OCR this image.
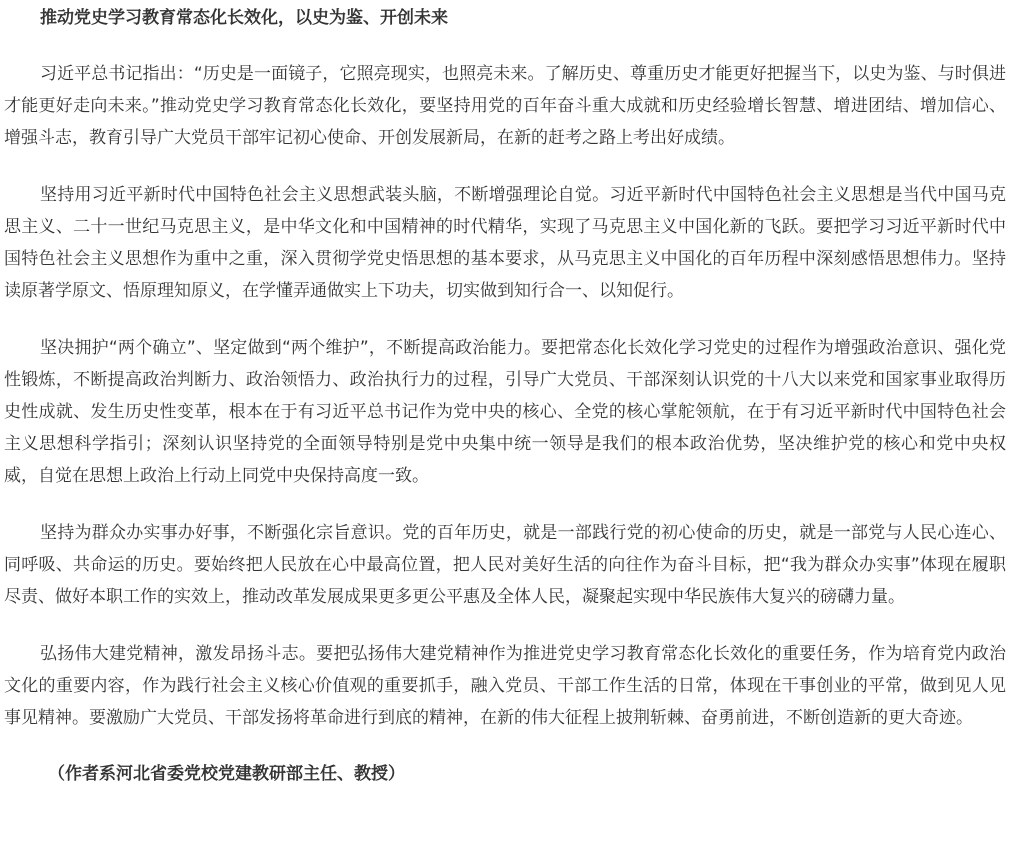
推动党史学习教育常态化长效化，以史为鉴、开创未来

习近平总书记指出：“历史是一面镜子，它照亮现实，也照亮未来。了解历史、尊重历史才能更好把握当下，以史为鉴、与时俱进才能更好走向未来。”推动党史学习教育常态化长效化，要坚持用党的百年奋斗重大成就和历史经验增长智慧、增进团结、增加信心、增强斗志，教育引导广大党员干部牢记初心使命、开创发展新局，在新的赶考之路上考出好成绩。

坚持用习近平新时代中国特色社会主义思想武装头脑，不断增强理论自觉。习近平新时代中国特色社会主义思想是当代中国马克思主义、二十一世纪马克思主义，是中华文化和中国精神的时代精华，实现了马克思主义中国化新的飞跃。要把学习习近平新时代中国特色社会主义思想作为重中之重，深入贯彻学党史悟思想的基本要求，从马克思主义中国化的百年历程中深刻感悟思想伟力。坚持读原著学原文、悟原理知原义，在学懂弄通做实上下功夫，切实做到知行合一、以知促行。

坚决拥护“两个确立”、坚定做到“两个维护”，不断提高政治能力。要把常态化长效化学习党史的过程作为增强政治意识、强化党性锻炼，不断提高政治判断力、政治领悟力、政治执行力的过程，引导广大党员、干部深刻认识党的十八大以来党和国家事业取得历史性成就、发生历史性变革，根本在于有习近平总书记作为党中央的核心、全党的核心掌舵领航，在于有习近平新时代中国特色社会主义思想科学指引；深刻认识坚持党的全面领导特别是党中央集中统一领导是我们的根本政治优势，坚决维护党的核心和党中央权威，自觉在思想上政治上行动上同党中央保持高度一致。

坚持为群众办实事办好事，不断强化宗旨意识。党的百年历史，就是一部践行党的初心使命的历史，就是一部党与人民心连心、同呼吸、共命运的历史。要始终把人民放在心中最高位置，把人民对美好生活的向往作为奋斗目标，把“我为群众办实事”体现在履职尽责、做好本职工作的实效上，推动改革发展成果更多更公平惠及全体人民，凝聚起实现中华民族伟大复兴的磅礴力量。

弘扬伟大建党精神，激发昂扬斗志。要把弘扬伟大建党精神作为推进党史学习教育常态化长效化的重要任务，作为培育党内政治文化的重要内容，作为践行社会主义核心价值观的重要抓手，融入党员、干部工作生活的日常，体现在干事创业的平常，做到见人见事见精神。要激励广大党员、干部发扬将革命进行到底的精神，在新的伟大征程上披荆斩棘、奋勇前进，不断创造新的更大奇迹。

（作者系河北省委党校党建教研部主任、教授）
